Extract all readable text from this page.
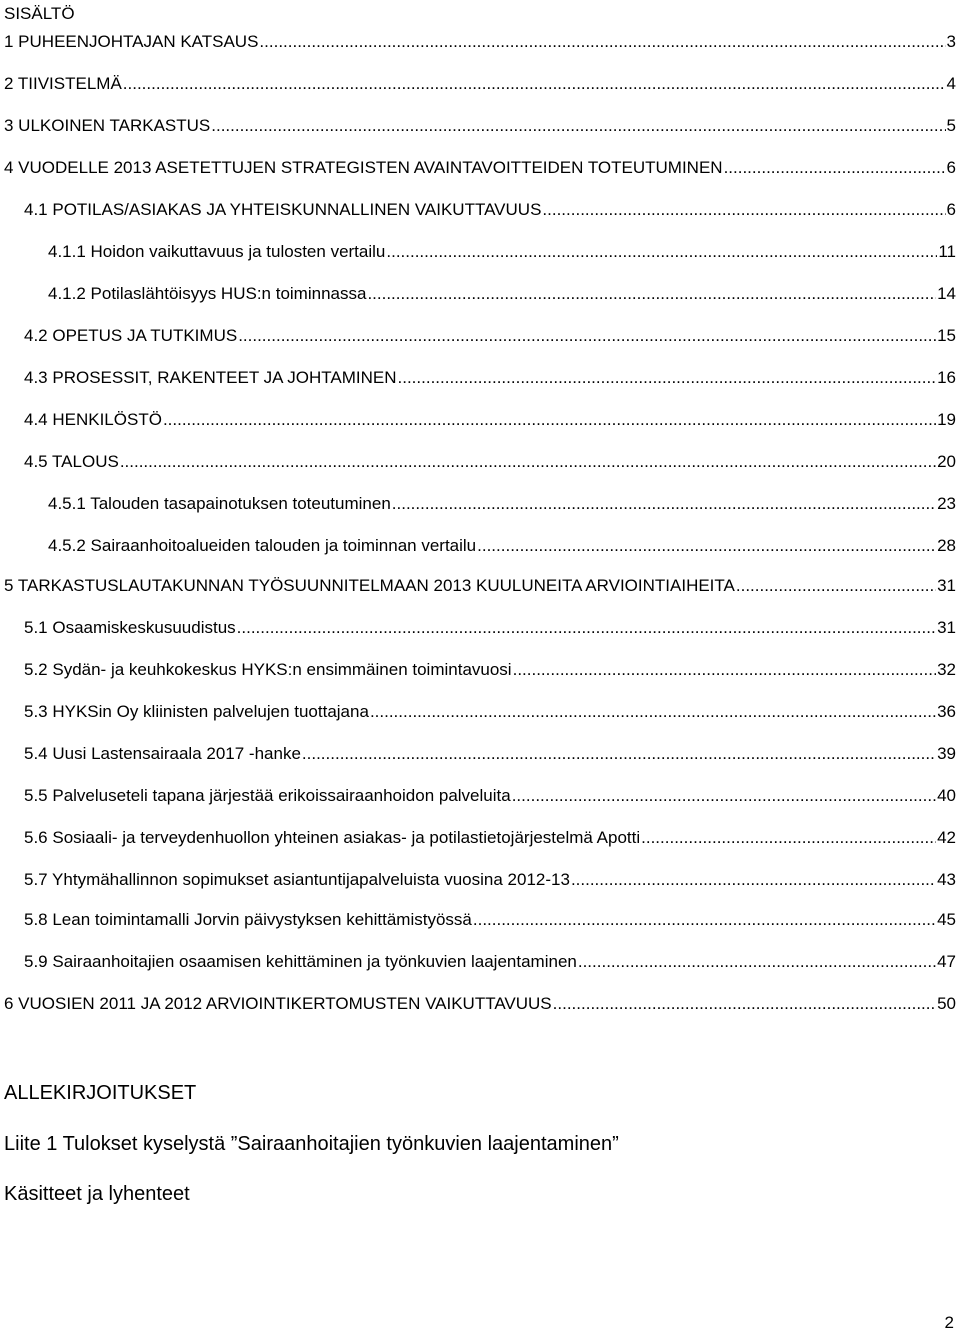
SISÄLTÖ
1 PUHEENJOHTAJAN KATSAUS .....	3
2 TIIVISTELMÄ .....	4
3 ULKOINEN TARKASTUS .....	5
4 VUODELLE 2013 ASETETTUJEN STRATEGISTEN AVAINTAVOITTEIDEN TOTEUTUMINEN .....	6
4.1 POTILAS/ASIAKAS JA YHTEISKUNNALLINEN VAIKUTTAVUUS .....	6
4.1.1 Hoidon vaikuttavuus ja tulosten vertailu .....	11
4.1.2 Potilaslähtöisyys HUS:n toiminnassa .....	14
4.2 OPETUS JA TUTKIMUS .....	15
4.3 PROSESSIT, RAKENTEET JA JOHTAMINEN .....	16
4.4 HENKILÖSTÖ .....	19
4.5 TALOUS .....	20
4.5.1 Talouden tasapainotuksen toteutuminen .....	23
4.5.2 Sairaanhoitoalueiden talouden ja toiminnan vertailu .....	28
5 TARKASTUSLAUTAKUNNAN TYÖSUUNNITELMAAN 2013 KUULUNEITA ARVIOINTIAIHEITA .....	31
5.1 Osaamiskeskusuudistus .....	31
5.2 Sydän- ja keuhkokeskus HYKS:n ensimmäinen toimintavuosi .....	32
5.3 HYKSin Oy kliinisten palvelujen tuottajana .....	36
5.4 Uusi Lastensairaala 2017 -hanke .....	39
5.5 Palveluseteli tapana järjestää erikoissairaanhoidon palveluita .....	40
5.6 Sosiaali- ja terveydenhuollon yhteinen asiakas- ja potilastietojärjestelmä Apotti .....	42
5.7 Yhtymähallinnon sopimukset asiantuntijapalveluista vuosina 2012-13 .....	43
5.8 Lean toimintamalli Jorvin päivystyksen kehittämistyössä .....	45
5.9 Sairaanhoitajien osaamisen kehittäminen ja työnkuvien laajentaminen .....	47
6 VUOSIEN 2011 JA 2012 ARVIOINTIKERTOMUSTEN VAIKUTTAVUUS .....	50
ALLEKIRJOITUKSET

Liite 1 Tulokset kyselystä ”Sairaanhoitajien työnkuvien laajentaminen”

Käsitteet ja lyhenteet

2
